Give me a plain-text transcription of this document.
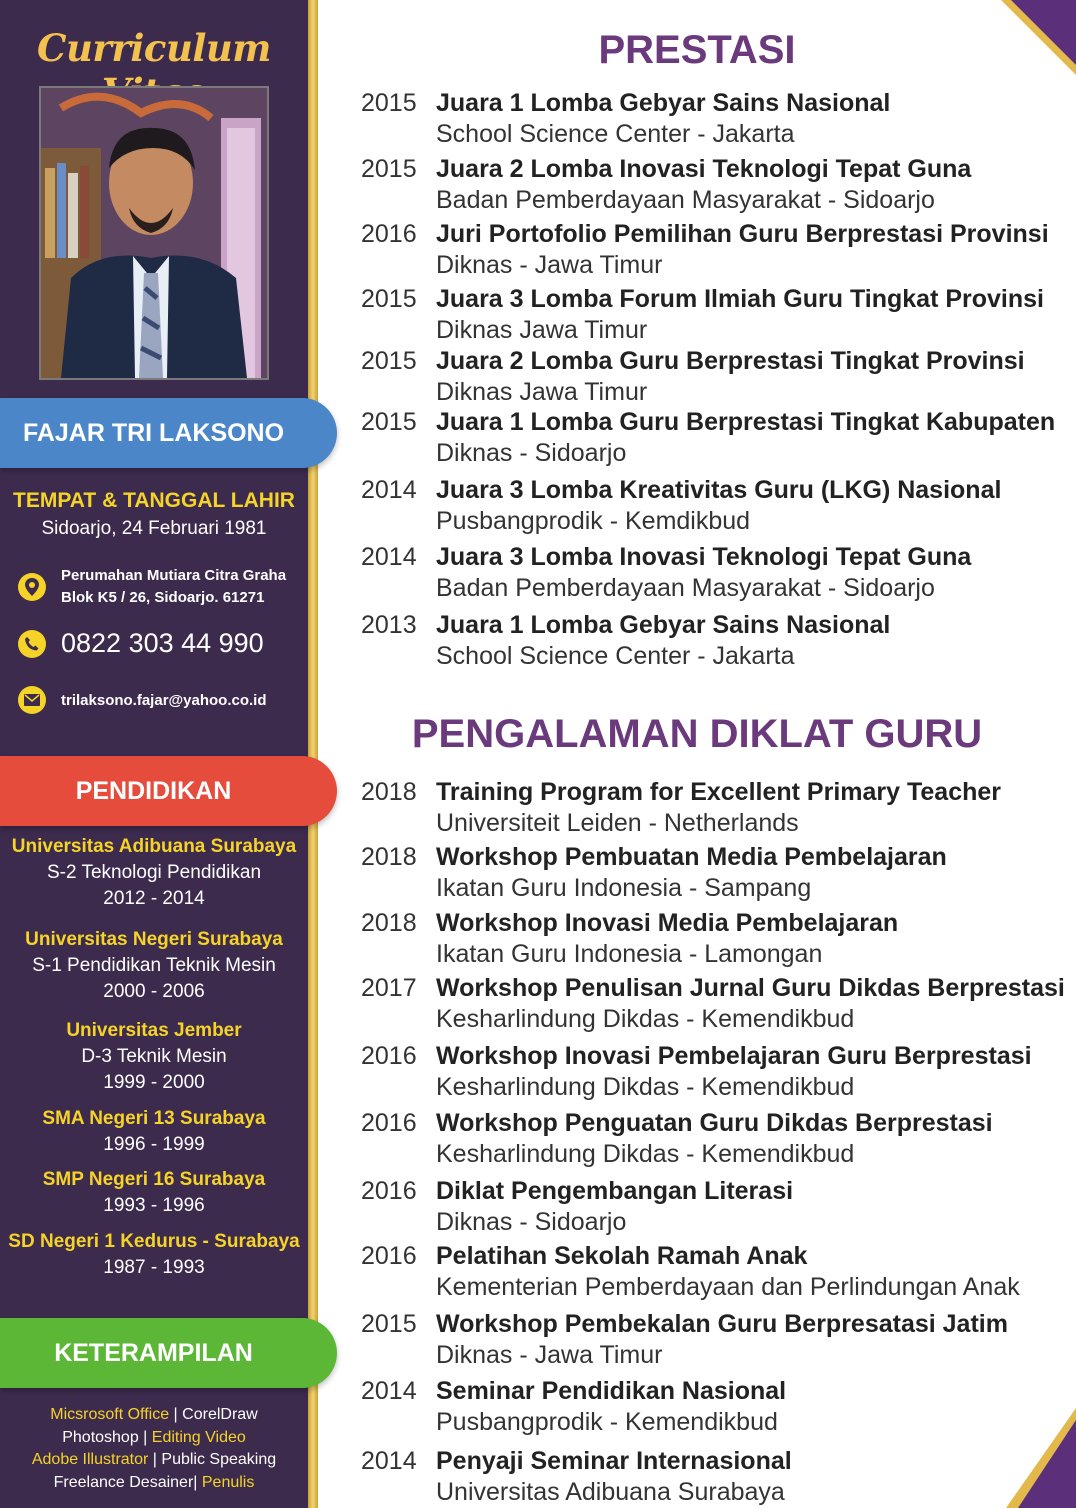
Curriculum
FAJAR TRI LAKSONO
TEMPAT & TANGGAL LAHIR
Sidoarjo, 24 Februari 1981
Perumahan Mutiara Citra Graha
Blok K5 / 26, Sidoarjo. 61271
0822 303 44 990
trilaksono.fajar@yahoo.co.id
PENDIDIKAN
Universitas Adibuana Surabaya
S-2 Teknologi Pendidikan
2012 - 2014
Universitas Negeri Surabaya
S-1 Pendidikan Teknik Mesin
2000 - 2006
Universitas Jember
D-3 Teknik Mesin
1999 - 2000
SMA Negeri 13 Surabaya
1996 - 1999
SMP Negeri 16 Surabaya
1993 - 1996
SD Negeri 1 Kedurus - Surabaya
1987 - 1993
KETERAMPILAN
Micsrosoft Office | CorelDraw
Photoshop | Editing Video
Adobe Illustrator | Public Speaking
Freelance Desainer| Penulis
PRESTASI
2015 Juara 1 Lomba Gebyar Sains Nasional
School Science Center - Jakarta
2015 Juara 2 Lomba Inovasi Teknologi Tepat Guna
Badan Pemberdayaan Masyarakat - Sidoarjo
2016 Juri Portofolio Pemilihan Guru Berprestasi Provinsi
Diknas - Jawa Timur
2015 Juara 3 Lomba Forum Ilmiah Guru Tingkat Provinsi
Diknas Jawa Timur
2015 Juara 2 Lomba Guru Berprestasi Tingkat Provinsi
Diknas Jawa Timur
2015 Juara 1 Lomba Guru Berprestasi Tingkat Kabupaten
Diknas - Sidoarjo
2014 Juara 3 Lomba Kreativitas Guru (LKG) Nasional
Pusbangprodik - Kemdikbud
2014 Juara 3 Lomba Inovasi Teknologi Tepat Guna
Badan Pemberdayaan Masyarakat - Sidoarjo
2013 Juara 1 Lomba Gebyar Sains Nasional
School Science Center - Jakarta
PENGALAMAN DIKLAT GURU
2018 Training Program for Excellent Primary Teacher
Universiteit Leiden - Netherlands
2018 Workshop Pembuatan Media Pembelajaran
Ikatan Guru Indonesia - Sampang
2018 Workshop Inovasi Media Pembelajaran
Ikatan Guru Indonesia - Lamongan
2017 Workshop Penulisan Jurnal Guru Dikdas Berprestasi
Kesharlindung Dikdas - Kemendikbud
2016 Workshop Inovasi Pembelajaran Guru Berprestasi
Kesharlindung Dikdas - Kemendikbud
2016 Workshop Penguatan Guru Dikdas Berprestasi
Kesharlindung Dikdas - Kemendikbud
2016 Diklat Pengembangan Literasi
Diknas - Sidoarjo
2016 Pelatihan Sekolah Ramah Anak
Kementerian Pemberdayaan dan Perlindungan Anak
2015 Workshop Pembekalan Guru Berpresatasi Jatim
Diknas - Jawa Timur
2014 Seminar Pendidikan Nasional
Pusbangprodik - Kemendikbud
2014 Penyaji Seminar Internasional
Universitas Adibuana Surabaya
